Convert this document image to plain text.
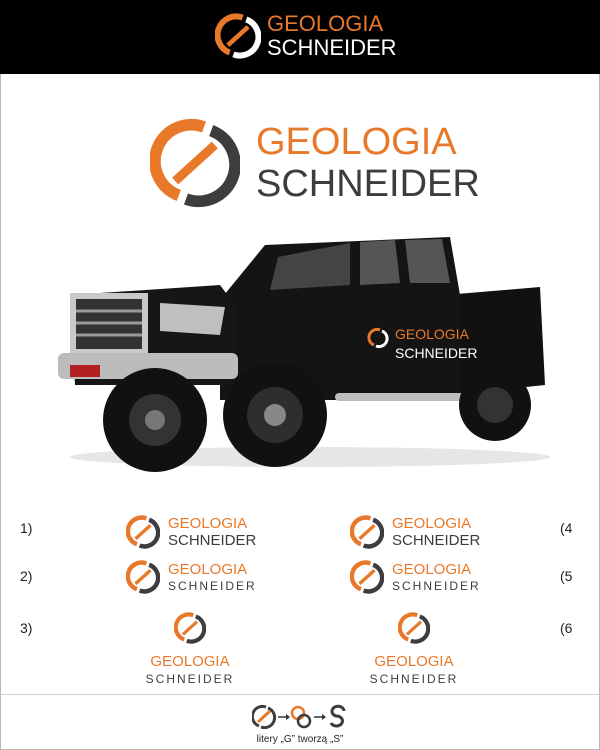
GEOLOGIA
SCHNEIDER
GEOLOGIA
SCHNEIDER
GEOLOGIA
SCHNEIDER
1)
2)
3)
(4
(5
(6
GEOLOGIA
SCHNEIDER
GEOLOGIA
SCHNEIDER
GEOLOGIA
SCHNEIDER
GEOLOGIA
SCHNEIDER
GEOLOGIA
SCHNEIDER
GEOLOGIA
SCHNEIDER
litery „G” tworzą „S”
